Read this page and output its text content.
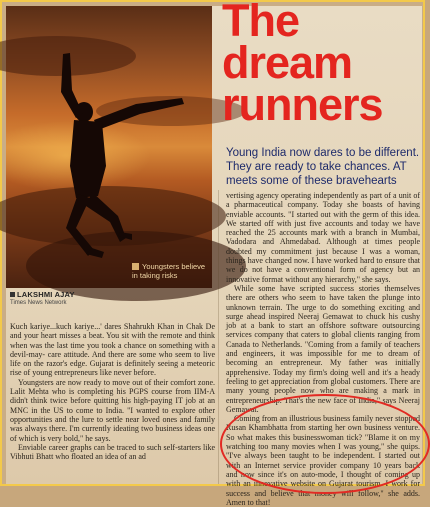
Youngsters believe in taking risks
The
dream
runners
Young India now dares to be different. They are ready to take chances. AT meets some of these bravehearts
LAKSHMI AJAY
Times News Network

Kuch kariye...kuch kariye...' dares Shahrukh Khan in Chak De and your heart misses a beat. You sit with the remote and think when was the last time you took a chance on something with a devil-may- care attitude. And there are some who seem to live life on the razor's edge. Gujarat is definitely seeing a meteoric rise of young entrepreneurs like never before.

Youngsters are now ready to move out of their comfort zone. Lalit Mehta who is completing his PGPS course from IIM-A didn't think twice before quitting his high-paying IT job at an MNC in the US to come to India. "I wanted to explore other opportunities and the lure to settle near loved ones and family was always there. I'm currently ideating two business ideas one of which is very bold," he says.

Enviable career graphs can be traced to such self-starters like Vibhuti Bhatt who floated an idea of an ad

vertising agency operating independently as part of a unit of a pharmaceutical company. Today she boasts of having enviable accounts. "I started out with the germ of this idea. We started off with just five accounts and today we have reached the 25 accounts mark with a branch in Mumbai, Vadodara and Ahmedabad. Although at times people doubted my commitment just because I was a woman, things have changed now. I have worked hard to ensure that we do not have a conventional form of agency but an innovative format without any hierarchy," she says.

While some have scripted success stories themselves there are others who seem to have taken the plunge into unknown terrain. The urge to do something exciting and surge ahead inspired Neeraj Gemawat to chuck his cushy job at a bank to start an offshore software outsourcing services company that caters to global clients ranging from Canada to Netherlands. "Coming from a family of teachers and engineers, it was impossible for me to dream of becoming an entrepreneur. My father was initially apprehensive. Today my firm's doing well and it's a heady feeling to get appreciation from global customers. There are many young people now who are making a mark in entrepreneurship. That's the new face of India," says Neeraj Gemawat.

Coming from an illustrious business family never stopped Rusan Khambhatta from starting her own business venture. So what makes this businesswoman tick? "Blame it on my watching too many movies when I was young," she quips. "I've always been taught to be independent. I started out with an Internet service provider company 10 years back and now since it's on auto-mode, I thought of coming up with an innovative website on Gujarat tourism. I work for success and believe that money will follow," she adds. Amen to that!
